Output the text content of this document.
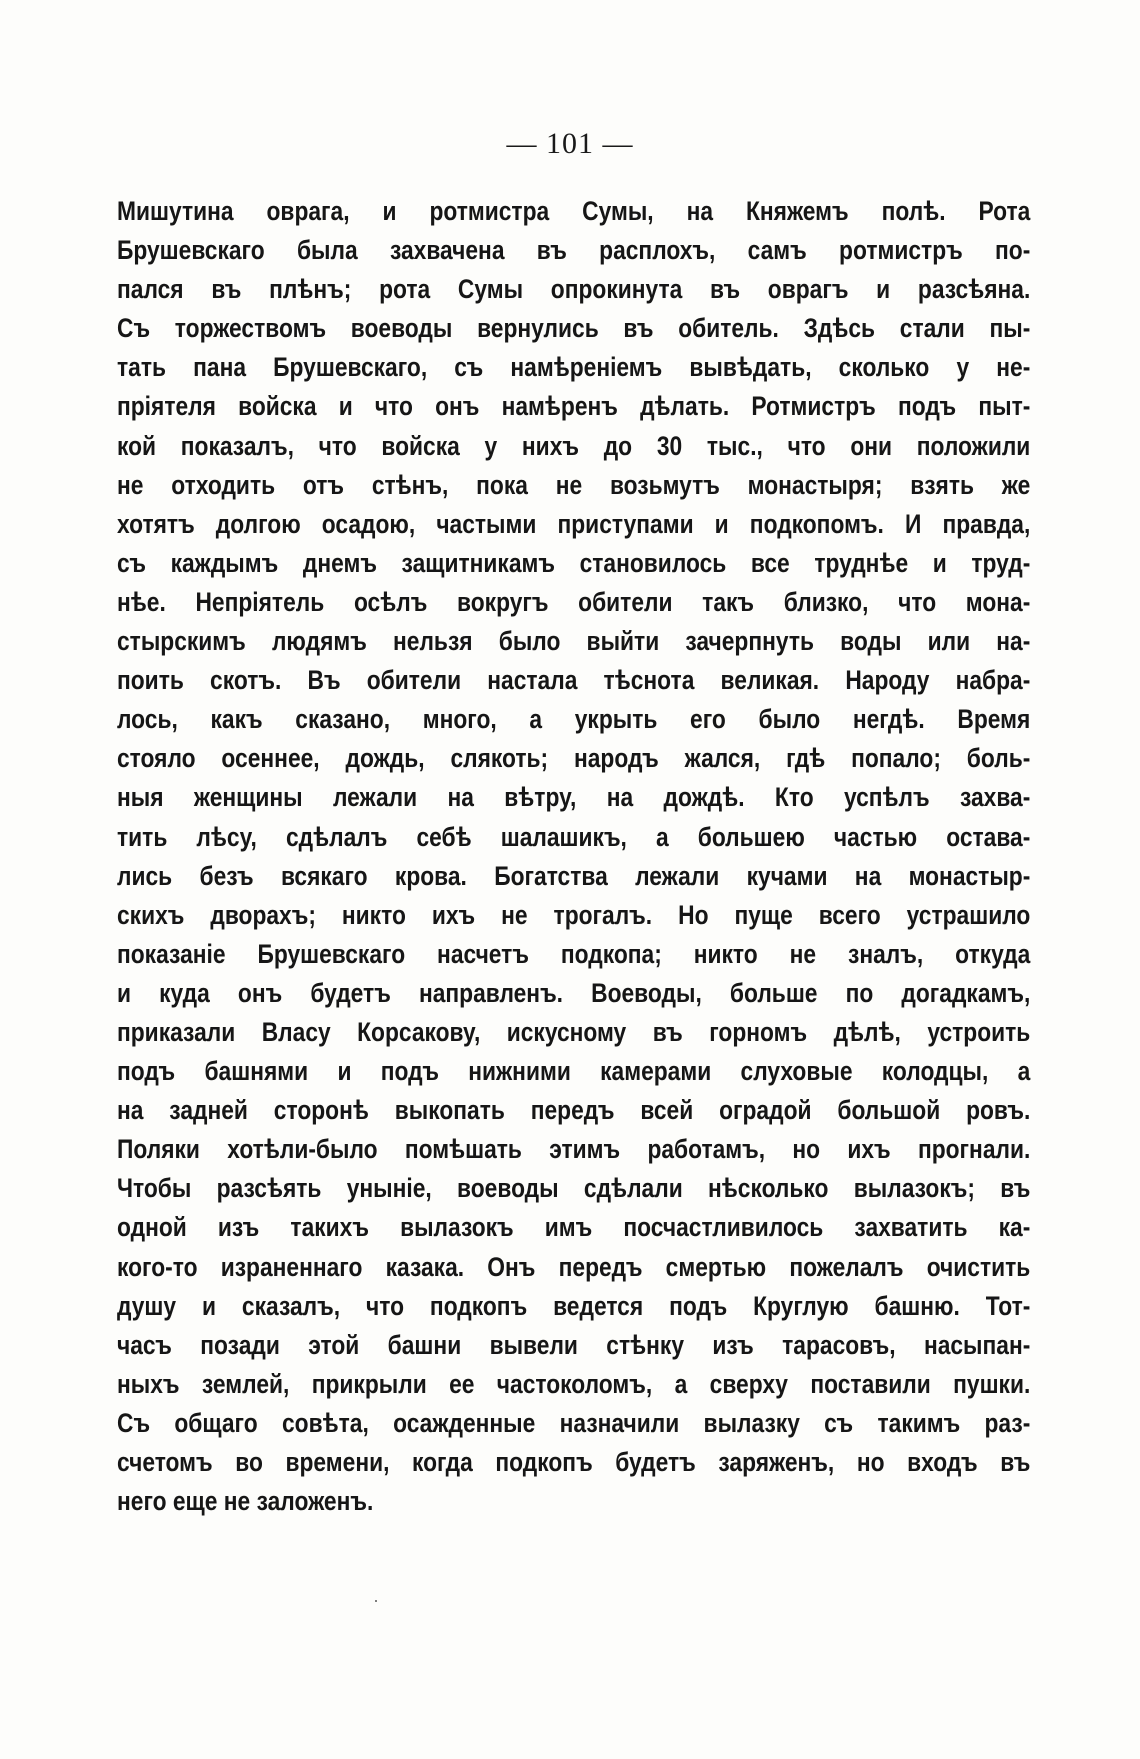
— 101 —
Мишутина оврага, и ротмистра Сумы, на Княжемъ полѣ. Рота
Брушевскаго была захвачена въ расплохъ, самъ ротмистръ по-
пался въ плѣнъ; рота Сумы опрокинута въ оврагъ и разсѣяна.
Съ торжествомъ воеводы вернулись въ обитель. Здѣсь стали пы-
тать пана Брушевскаго, съ намѣреніемъ вывѣдать, сколько у не-
пріятеля войска и что онъ намѣренъ дѣлать. Ротмистръ подъ пыт-
кой показалъ, что войска у нихъ до 30 тыс., что они положили
не отходить отъ стѣнъ, пока не возьмутъ монастыря; взять же
хотятъ долгою осадою, частыми приступами и подкопомъ. И правда,
съ каждымъ днемъ защитникамъ становилось все труднѣе и труд-
нѣе. Непріятель осѣлъ вокругъ обители такъ близко, что мона-
стырскимъ людямъ нельзя было выйти зачерпнуть воды или на-
поить скотъ. Въ обители настала тѣснота великая. Народу набра-
лось, какъ сказано, много, а укрыть его было негдѣ. Время
стояло осеннее, дождь, слякоть; народъ жался, гдѣ попало; боль-
ныя женщины лежали на вѣтру, на дождѣ. Кто успѣлъ захва-
тить лѣсу, сдѣлалъ себѣ шалашикъ, а большею частью остава-
лись безъ всякаго крова. Богатства лежали кучами на монастыр-
скихъ дворахъ; никто ихъ не трогалъ. Но пуще всего устрашило
показаніе Брушевскаго насчетъ подкопа; никто не зналъ, откуда
и куда онъ будетъ направленъ. Воеводы, больше по догадкамъ,
приказали Власу Корсакову, искусному въ горномъ дѣлѣ, устроить
подъ башнями и подъ нижними камерами слуховые колодцы, а
на задней сторонѣ выкопать передъ всей оградой большой ровъ.
Поляки хотѣли-было помѣшать этимъ работамъ, но ихъ прогнали.
Чтобы разсѣять уныніе, воеводы сдѣлали нѣсколько вылазокъ; въ
одной изъ такихъ вылазокъ имъ посчастливилось захватить ка-
кого-то израненнаго казака. Онъ передъ смертью пожелалъ очистить
душу и сказалъ, что подкопъ ведется подъ Круглую башню. Тот-
часъ позади этой башни вывели стѣнку изъ тарасовъ, насыпан-
ныхъ землей, прикрыли ее частоколомъ, а сверху поставили пушки.
Съ общаго совѣта, осажденные назначили вылазку съ такимъ раз-
счетомъ во времени, когда подкопъ будетъ заряженъ, но входъ въ
него еще не заложенъ.
